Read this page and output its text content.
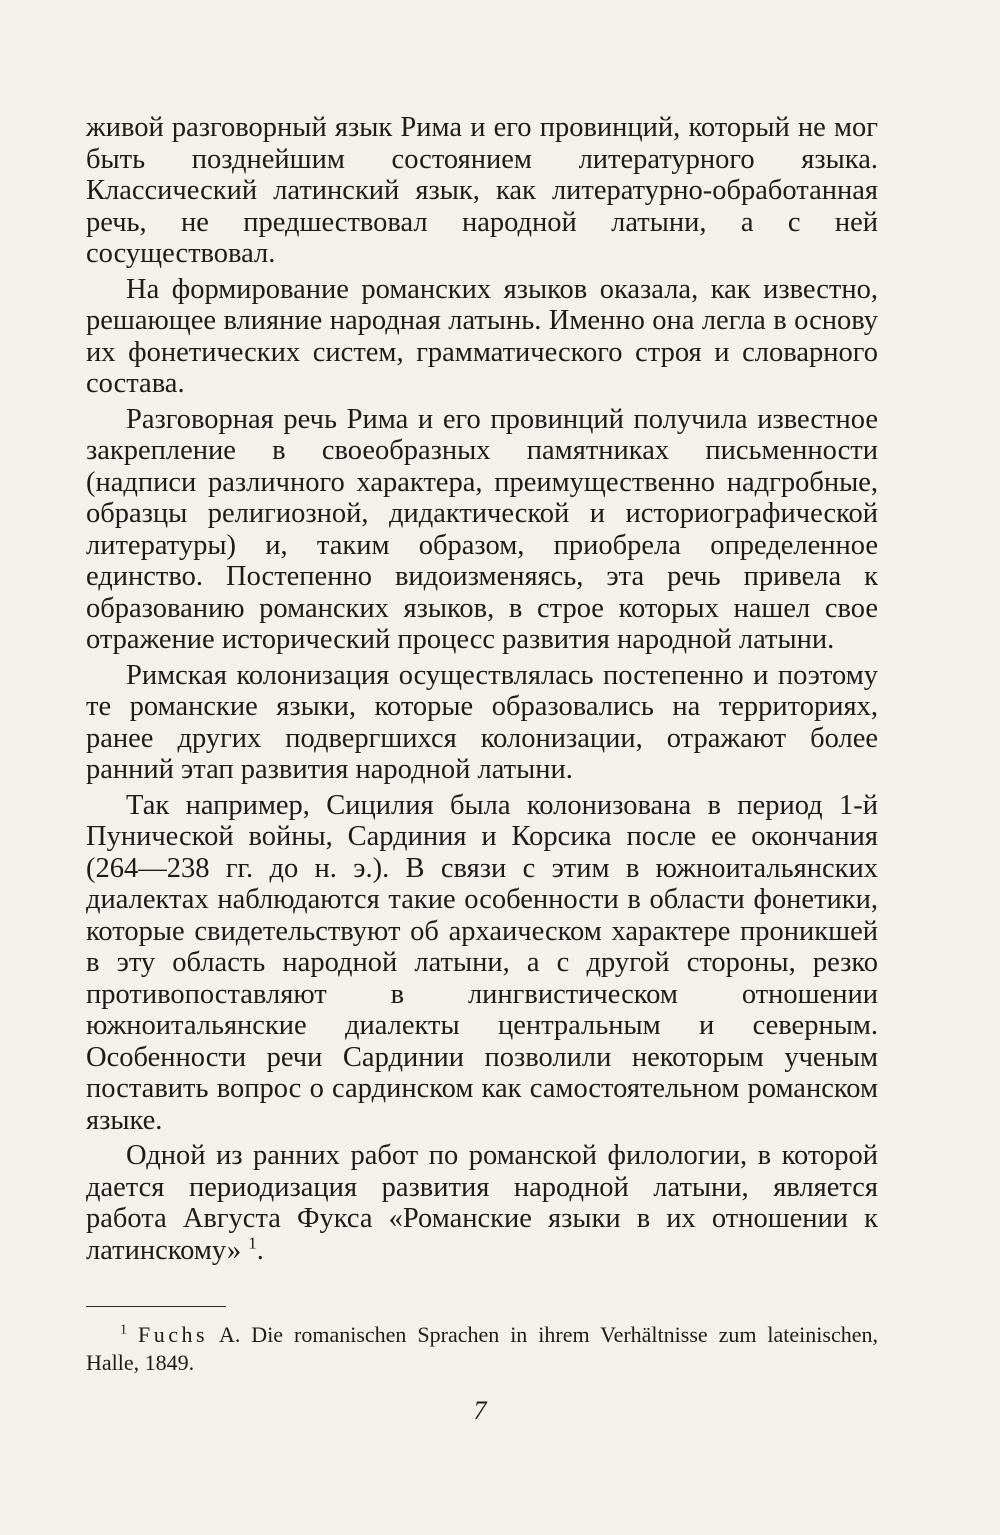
живой разговорный язык Рима и его провинций, который не мог быть позднейшим состоянием литературного языка. Классический латинский язык, как литературно-обработанная речь, не предшествовал народной латыни, а с ней сосуществовал.

На формирование романских языков оказала, как известно, решающее влияние народная латынь. Именно она легла в основу их фонетических систем, грамматического строя и словарного состава.

Разговорная речь Рима и его провинций получила известное закрепление в своеобразных памятниках письменности (надписи различного характера, преимущественно надгробные, образцы религиозной, дидактической и историографической литературы) и, таким образом, приобрела определенное единство. Постепенно видоизменяясь, эта речь привела к образованию романских языков, в строе которых нашел свое отражение исторический процесс развития народной латыни.

Римская колонизация осуществлялась постепенно и поэтому те романские языки, которые образовались на территориях, ранее других подвергшихся колонизации, отражают более ранний этап развития народной латыни.

Так например, Сицилия была колонизована в период 1-й Пунической войны, Сардиния и Корсика после ее окончания (264—238 гг. до н. э.). В связи с этим в южноитальянских диалектах наблюдаются такие особенности в области фонетики, которые свидетельствуют об архаическом характере проникшей в эту область народной латыни, а с другой стороны, резко противопоставляют в лингвистическом отношении южноитальянские диалекты центральным и северным. Особенности речи Сардинии позволили некоторым ученым поставить вопрос о сардинском как самостоятельном романском языке.

Одной из ранних работ по романской филологии, в которой дается периодизация развития народной латыни, является работа Августа Фукса «Романские языки в их отношении к латинскому» $^1$.

$^1$ Fuchs A. Die romanischen Sprachen in ihrem Verhältnisse zum lateinischen, Halle, 1849.

7
